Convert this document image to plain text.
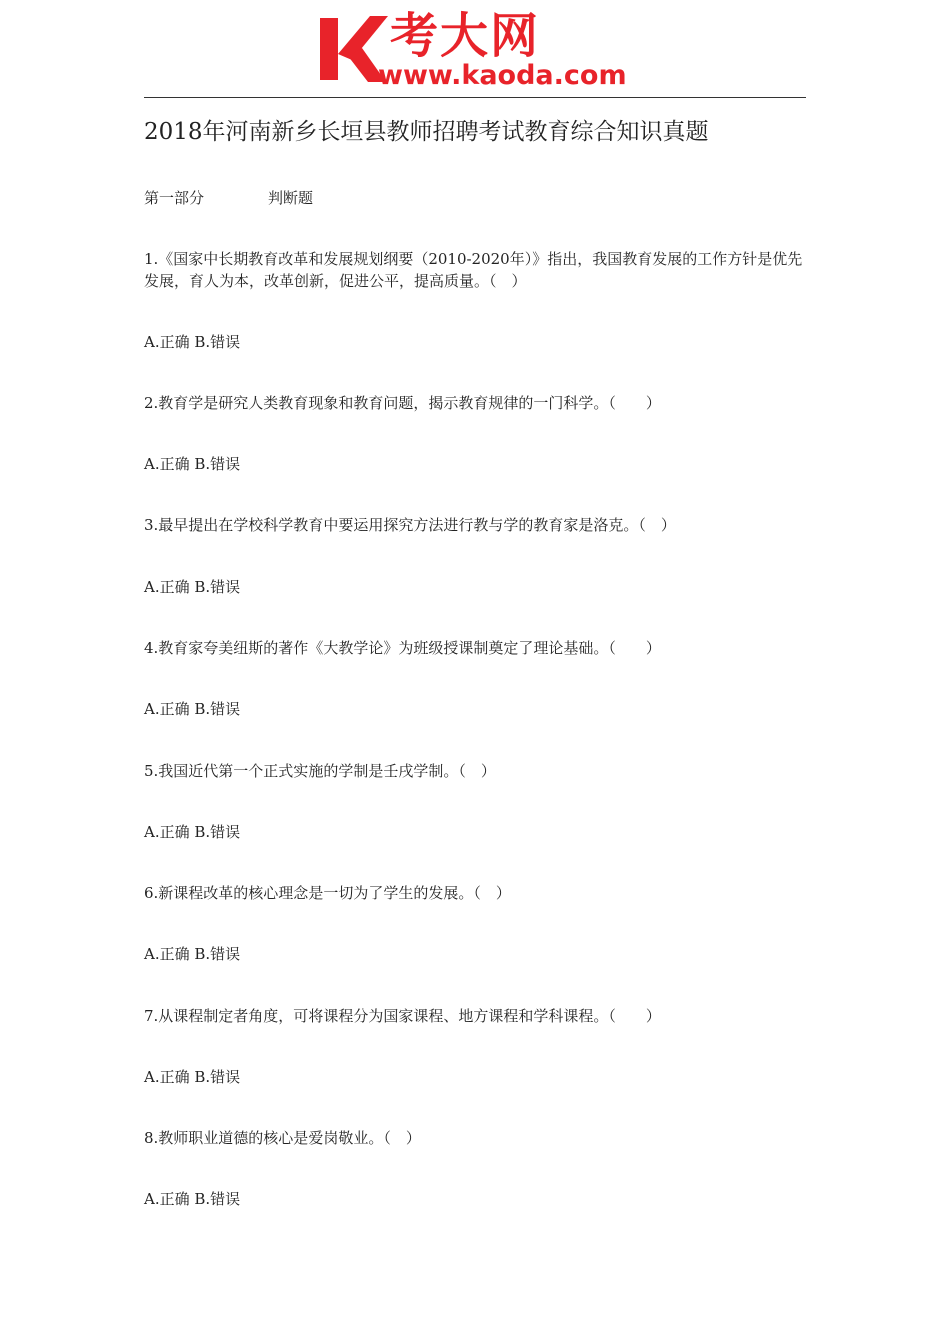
考大网
www.kaoda.com
2018年河南新乡长垣县教师招聘考试教育综合知识真题
第一部分	判断题

1.《国家中长期教育改革和发展规划纲要（2010-2020年）》指出，我国教育发展的工作方针是优先发展，育人为本，改革创新，促进公平，提高质量。（　）

A.正确 B.错误

2.教育学是研究人类教育现象和教育问题，揭示教育规律的一门科学。（　　）

A.正确 B.错误

3.最早提出在学校科学教育中要运用探究方法进行教与学的教育家是洛克。（　）

A.正确 B.错误

4.教育家夸美纽斯的著作《大教学论》为班级授课制奠定了理论基础。（　　）

A.正确 B.错误

5.我国近代第一个正式实施的学制是壬戌学制。（　）

A.正确 B.错误

6.新课程改革的核心理念是一切为了学生的发展。（　）

A.正确 B.错误

7.从课程制定者角度，可将课程分为国家课程、地方课程和学科课程。（　　）

A.正确 B.错误

8.教师职业道德的核心是爱岗敬业。（　）

A.正确 B.错误
